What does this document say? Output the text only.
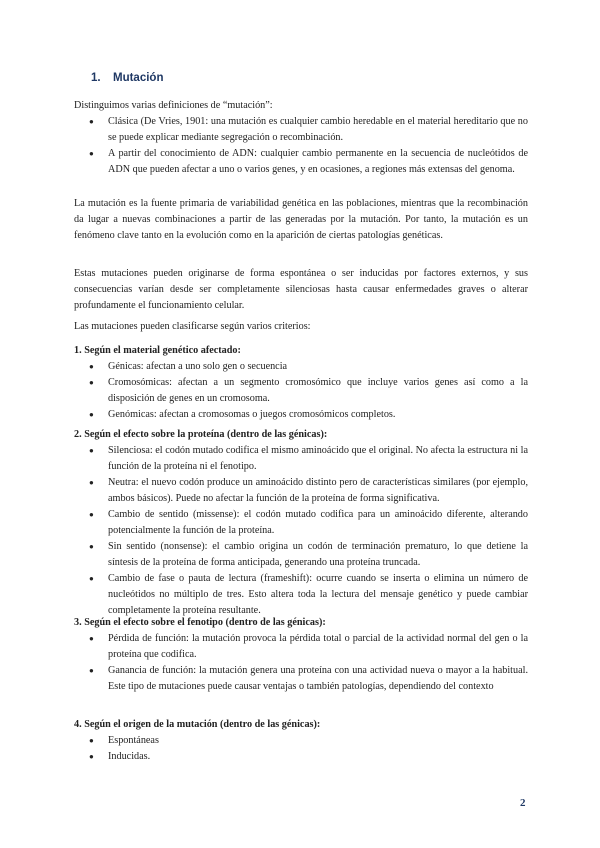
1. Mutación
Distinguimos varias definiciones de “mutación”:
● Clásica (De Vries, 1901: una mutación es cualquier cambio heredable en el material hereditario que no se puede explicar mediante segregación o recombinación.
● A partir del conocimiento de ADN: cualquier cambio permanente en la secuencia de nucleótidos de ADN que pueden afectar a uno o varios genes, y en ocasiones, a regiones más extensas del genoma.
La mutación es la fuente primaria de variabilidad genética en las poblaciones, mientras que la recombinación da lugar a nuevas combinaciones a partir de las generadas por la mutación. Por tanto, la mutación es un fenómeno clave tanto en la evolución como en la aparición de ciertas patologías genéticas.
Estas mutaciones pueden originarse de forma espontánea o ser inducidas por factores externos, y sus consecuencias varían desde ser completamente silenciosas hasta causar enfermedades graves o alterar profundamente el funcionamiento celular.
Las mutaciones pueden clasificarse según varios criterios:
1. Según el material genético afectado:
● Génicas: afectan a uno solo gen o secuencia
● Cromosómicas: afectan a un segmento cromosómico que incluye varios genes así como a la disposición de genes en un cromosoma.
● Genómicas: afectan a cromosomas o juegos cromosómicos completos.
2. Según el efecto sobre la proteína (dentro de las génicas):
● Silenciosa: el codón mutado codifica el mismo aminoácido que el original. No afecta la estructura ni la función de la proteína ni el fenotipo.
● Neutra: el nuevo codón produce un aminoácido distinto pero de características similares (por ejemplo, ambos básicos). Puede no afectar la función de la proteína de forma significativa.
● Cambio de sentido (missense): el codón mutado codifica para un aminoácido diferente, alterando potencialmente la función de la proteína.
● Sin sentido (nonsense): el cambio origina un codón de terminación prematuro, lo que detiene la síntesis de la proteína de forma anticipada, generando una proteína truncada.
● Cambio de fase o pauta de lectura (frameshift): ocurre cuando se inserta o elimina un número de nucleótidos no múltiplo de tres. Esto altera toda la lectura del mensaje genético y puede cambiar completamente la proteína resultante.
3. Según el efecto sobre el fenotipo (dentro de las génicas):
● Pérdida de función: la mutación provoca la pérdida total o parcial de la actividad normal del gen o la proteína que codifica.
● Ganancia de función: la mutación genera una proteína con una actividad nueva o mayor a la habitual. Este tipo de mutaciones puede causar ventajas o también patologías, dependiendo del contexto
4. Según el origen de la mutación (dentro de las génicas):
● Espontáneas
● Inducidas.
2
